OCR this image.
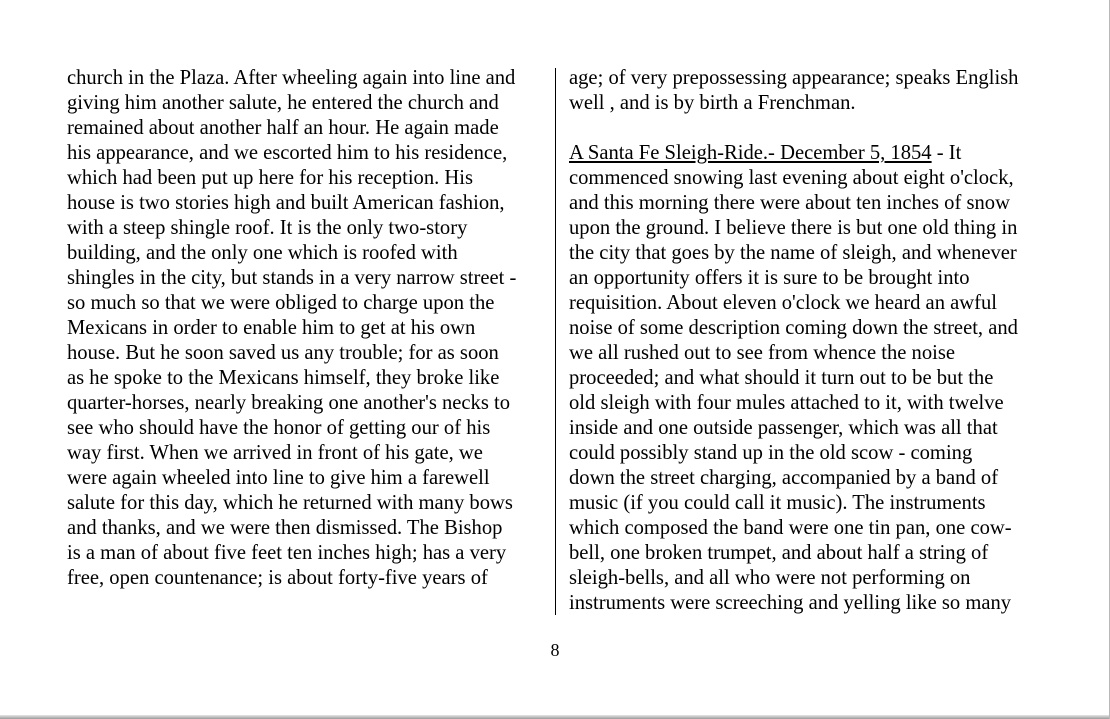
church in the Plaza. After wheeling again into line and
giving him another salute, he entered the church and
remained about another half an hour. He again made
his appearance, and we escorted him to his residence,
which had been put up here for his reception. His
house is two stories high and built American fashion,
with a steep shingle roof. It is the only two-story
building, and the only one which is roofed with
shingles in the city, but stands in a very narrow street -
so much so that we were obliged to charge upon the
Mexicans in order to enable him to get at his own
house. But he soon saved us any trouble; for as soon
as he spoke to the Mexicans himself, they broke like
quarter-horses, nearly breaking one another's necks to
see who should have the honor of getting our of his
way first. When we arrived in front of his gate, we
were again wheeled into line to give him a farewell
salute for this day, which he returned with many bows
and thanks, and we were then dismissed. The Bishop
is a man of about five feet ten inches high; has a very
free, open countenance; is about forty-five years of
age; of very prepossessing appearance; speaks English
well , and is by birth a Frenchman.
A Santa Fe Sleigh-Ride.- December 5, 1854 - It
commenced snowing last evening about eight o'clock,
and this morning there were about ten inches of snow
upon the ground. I believe there is but one old thing in
the city that goes by the name of sleigh, and whenever
an opportunity offers it is sure to be brought into
requisition. About eleven o'clock we heard an awful
noise of some description coming down the street, and
we all rushed out to see from whence the noise
proceeded; and what should it turn out to be but the
old sleigh with four mules attached to it, with twelve
inside and one outside passenger, which was all that
could possibly stand up in the old scow - coming
down the street charging, accompanied by a band of
music (if you could call it music). The instruments
which composed the band were one tin pan, one cow-
bell, one broken trumpet, and about half a string of
sleigh-bells, and all who were not performing on
instruments were screeching and yelling like so many
8
